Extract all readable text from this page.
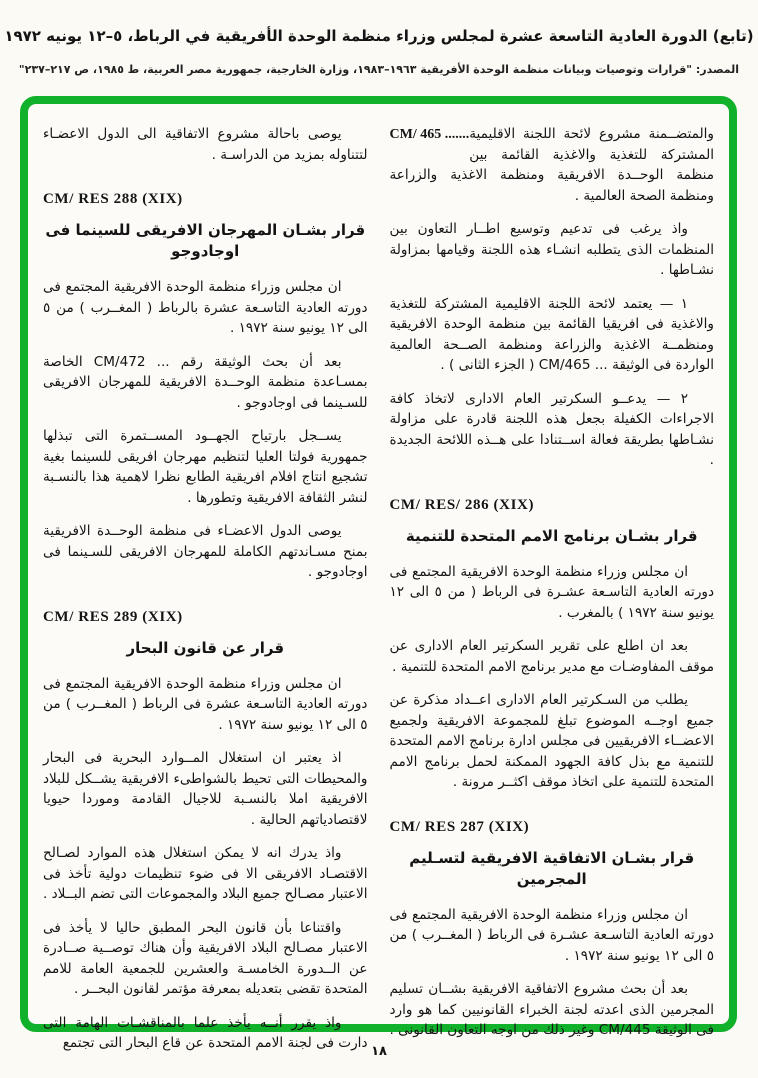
(تابع) الدورة العادية التاسعة عشرة لمجلس وزراء منظمة الوحدة الأفريقية في الرباط، ٥–١٢ يونيه ١٩٧٢
المصدر: "قرارات وتوصيات وبيانات منظمة الوحدة الأفريقية ١٩٦٣–١٩٨٣، وزارة الخارجية، جمهورية مصر العربية، ط ١٩٨٥، ص ٢١٧–٢٣٧"

CM/ 465 ....... والمتضــمنة مشروع لائحة اللجنة الاقليمية المشتركة للتغذية والاغذية القائمة بين منظمة الوحــدة الافريقية ومنظمة الاغذية والزراعة ومنظمة الصحة العالمية .

واذ يرغب فى تدعيم وتوسيع اطــار التعاون بين المنظمات الذى يتطلبه انشـاء هذه اللجنة وقيامها بمزاولة نشـاطها .

١ — يعتمد لائحة اللجنة الاقليمية المشتركة للتغذية والاغذية فى افريقيا القائمة بين منظمة الوحدة الافريقية ومنظمــة الاغذية والزراعة ومنظمة الصــحة العالمية الواردة فى الوثيقة ... CM/465 ( الجزء الثانى ) .

٢ — يدعــو السكرتير العام الادارى لاتخاذ كافة الاجراءات الكفيلة بجعل هذه اللجنة قادرة على مزاولة نشـاطها بطريقة فعالة اســتنادا على هــذه اللائحة الجديدة .

CM/ RES/ 286 (XIX)
قرار بشـان برنامج الامم المتحدة للتنمية

ان مجلس وزراء منظمة الوحدة الافريقية المجتمع فى دورته العادية التاسـعة عشـرة فى الرباط ( من ٥ الى ١٢ يونيو سنة ١٩٧٢ ) بالمغرب .

بعد ان اطلع على تقرير السكرتير العام الادارى عن موقف المفاوضـات مع مدير برنامج الامم المتحدة للتنمية .

يطلب من السـكرتير العام الادارى اعــداد مذكرة عن جميع اوجــه الموضوع تبلغ للمجموعة الافريقية ولجميع الاعضــاء الافريقيين فى مجلس ادارة برنامج الامم المتحدة للتنمية مع بذل كافة الجهود الممكنة لحمل برنامج الامم المتحدة للتنمية على اتخاذ موقف اكثــر مرونة .

CM/ RES 287 (XIX)
قرار بشـان الاتفاقية الافريقية لتسـليم المجرمين

ان مجلس وزراء منظمة الوحدة الافريقية المجتمع فى دورته العادية التاسـعة عشـرة فى الرباط ( المغــرب ) من ٥ الى ١٢ يونيو سنة ١٩٧٢ .

بعد أن بحث مشروع الاتفاقية الافريقية بشــان تسليم المجرمين الذى اعدته لجنة الخبراء القانونيين كما هو وارد فى الوثيقة CM/445 وغير ذلك من اوجه التعاون القانونى .

يوصى باحالة مشروع الاتفاقية الى الدول الاعضـاء لتتناوله بمزيد من الدراسـة .

CM/ RES 288 (XIX)
قرار بشـان المهرجان الافريقى للسينما فى اوجادوجو

ان مجلس وزراء منظمة الوحدة الافريقية المجتمع فى دورته العادية التاسـعة عشرة بالرباط ( المغــرب ) من ٥ الى ١٢ يونيو سنة ١٩٧٢ .

بعد أن بحث الوثيقة رقم ... CM/472 الخاصة بمسـاعدة منظمة الوحــدة الافريقية للمهرجان الافريقى للسـينما فى اوجادوجو .

يســجل بارتياح الجهــود المســتمرة التى تبذلها جمهورية فولتا العليا لتنظيم مهرجان افريقى للسينما بغية تشجيع انتاج افلام افريقية الطابع نظرا لاهمية هذا بالنسـبة لنشر الثقافة الافريقية وتطورها .

يوصى الدول الاعضـاء فى منظمة الوحــدة الافريقية بمنح مسـاندتهم الكاملة للمهرجان الافريقى للسـينما فى اوجادوجو .

CM/ RES 289 (XIX)
قرار عن قانون البحار

ان مجلس وزراء منظمة الوحدة الافريقية المجتمع فى دورته العادية التاسـعة عشرة فى الرباط ( المغــرب ) من ٥ الى ١٢ يونيو سنة ١٩٧٢ .

اذ يعتبر ان استغلال المــوارد البحرية فى البحار والمحيطات التى تحيط بالشواطىء الافريقية يشــكل للبلاد الافريقية املا بالنسـبة للاجيال القادمة وموردا حيويا لاقتصادياتهم الحالية .

واذ يدرك انه لا يمكن استغلال هذه الموارد لصـالح الاقتصـاد الافريقى الا فى ضوء تنظيمات دولية تأخذ فى الاعتبار مصـالح جميع البلاد والمجموعات التى تضم البــلاد .

واقتناعا بأن قانون البحر المطبق حاليا لا يأخذ فى الاعتبار مصـالح البلاد الافريقية وأن هناك توصــية صــادرة عن الــدورة الخامسـة والعشرين للجمعية العامة للامم المتحدة تقضى بتعديله بمعرفة مؤتمر لقانون البحــر .

واذ يقرر أنــه يأخذ علما بالمناقشـات الهامة التى دارت فى لجنة الامم المتحدة عن قاع البحار التى تجتمع

١٨
